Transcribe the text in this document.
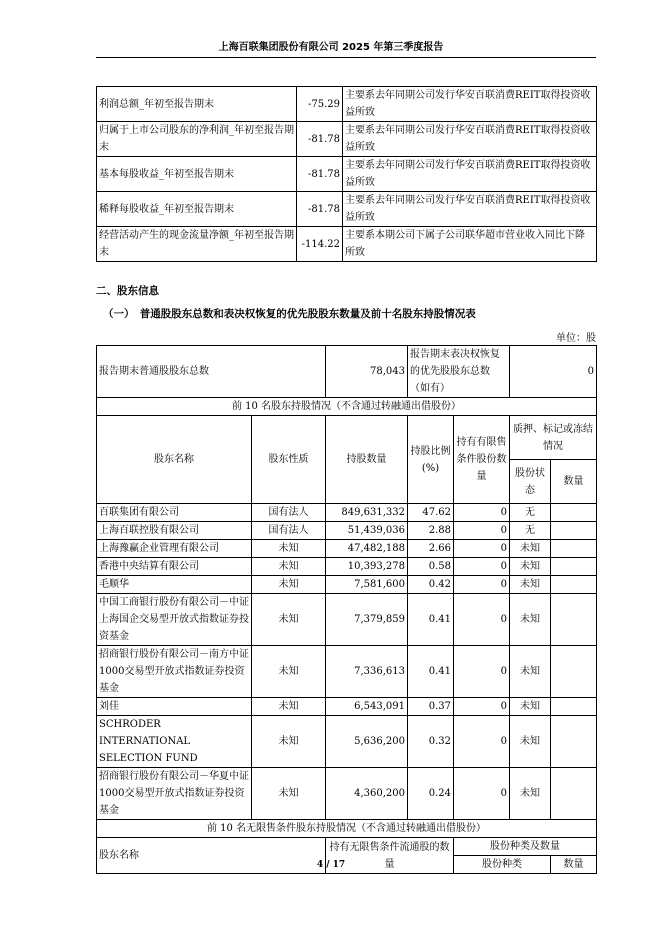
上海百联集团股份有限公司 2025 年第三季度报告
利润总额_年初至报告期末	-75.29	主要系去年同期公司发行华安百联消费REIT取得投资收益所致
归属于上市公司股东的净利润_年初至报告期末	-81.78	主要系去年同期公司发行华安百联消费REIT取得投资收益所致
基本每股收益_年初至报告期末	-81.78	主要系去年同期公司发行华安百联消费REIT取得投资收益所致
稀释每股收益_年初至报告期末	-81.78	主要系去年同期公司发行华安百联消费REIT取得投资收益所致
经营活动产生的现金流量净额_年初至报告期末	-114.22	主要系本期公司下属子公司联华超市营业收入同比下降所致
二、股东信息
（一）　普通股股东总数和表决权恢复的优先股股东数量及前十名股东持股情况表
单位：股
报告期末普通股股东总数		78,043	报告期末表决权恢复的优先股股东总数（如有）		0	
前 10 名股东持股情况（不含通过转融通出借股份）						
股东名称	股东性质	持股数量	持股比例(%)	持有有限售条件股份数量	质押、标记或冻结情况	
					股份状态	数量
百联集团有限公司	国有法人	849,631,332	47.62	0	无	
上海百联控股有限公司	国有法人	51,439,036	2.88	0	无	
上海豫赢企业管理有限公司	未知	47,482,188	2.66	0	未知	
香港中央结算有限公司	未知	10,393,278	0.58	0	未知	
毛顺华	未知	7,581,600	0.42	0	未知	
中国工商银行股份有限公司－中证上海国企交易型开放式指数证券投资基金	未知	7,379,859	0.41	0	未知	
招商银行股份有限公司－南方中证1000交易型开放式指数证券投资基金	未知	7,336,613	0.41	0	未知	
刘佳	未知	6,543,091	0.37	0	未知	
SCHRODER INTERNATIONAL SELECTION FUND	未知	5,636,200	0.32	0	未知	
招商银行股份有限公司－华夏中证1000交易型开放式指数证券投资基金	未知	4,360,200	0.24	0	未知	
前 10 名无限售条件股东持股情况（不含通过转融通出借股份）						
股东名称		持有无限售条件流通股的数量		股份种类及数量		
				股份种类		数量
4 / 17
